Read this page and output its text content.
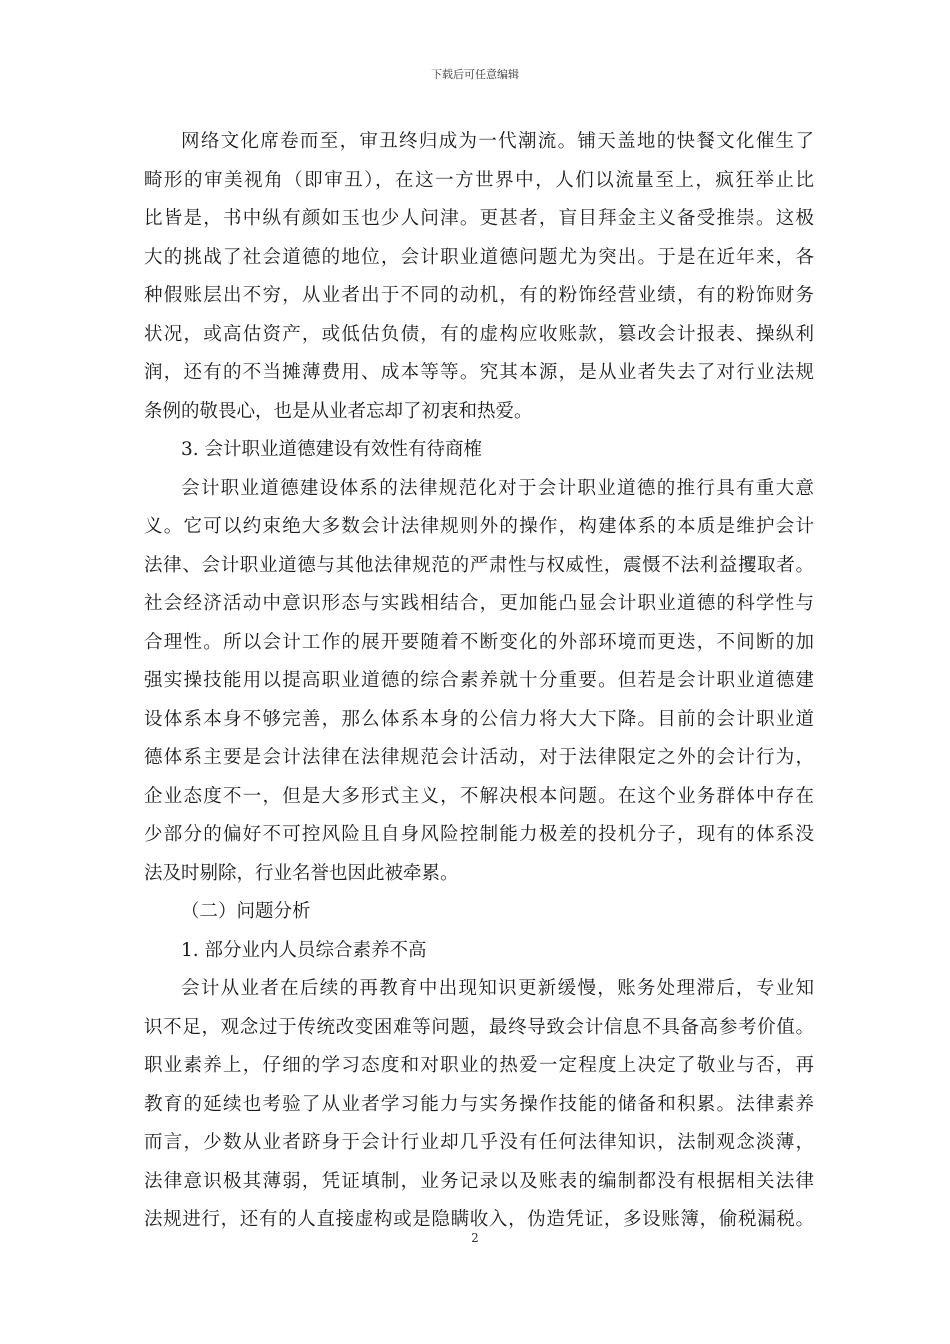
下载后可任意编辑
网络文化席卷而至，审丑终归成为一代潮流。铺天盖地的快餐文化催生了
畸形的审美视角（即审丑），在这一方世界中，人们以流量至上，疯狂举止比
比皆是，书中纵有颜如玉也少人问津。更甚者，盲目拜金主义备受推崇。这极
大的挑战了社会道德的地位，会计职业道德问题尤为突出。于是在近年来，各
种假账层出不穷，从业者出于不同的动机，有的粉饰经营业绩，有的粉饰财务
状况，或高估资产，或低估负债，有的虚构应收账款，篡改会计报表、操纵利
润，还有的不当摊薄费用、成本等等。究其本源，是从业者失去了对行业法规
条例的敬畏心，也是从业者忘却了初衷和热爱。
3. 会计职业道德建设有效性有待商榷
会计职业道德建设体系的法律规范化对于会计职业道德的推行具有重大意
义。它可以约束绝大多数会计法律规则外的操作，构建体系的本质是维护会计
法律、会计职业道德与其他法律规范的严肃性与权威性，震慑不法利益攫取者。
社会经济活动中意识形态与实践相结合，更加能凸显会计职业道德的科学性与
合理性。所以会计工作的展开要随着不断变化的外部环境而更迭，不间断的加
强实操技能用以提高职业道德的综合素养就十分重要。但若是会计职业道德建
设体系本身不够完善，那么体系本身的公信力将大大下降。目前的会计职业道
德体系主要是会计法律在法律规范会计活动，对于法律限定之外的会计行为，
企业态度不一，但是大多形式主义，不解决根本问题。在这个业务群体中存在
少部分的偏好不可控风险且自身风险控制能力极差的投机分子，现有的体系没
法及时剔除，行业名誉也因此被牵累。
（二）问题分析
1. 部分业内人员综合素养不高
会计从业者在后续的再教育中出现知识更新缓慢，账务处理滞后，专业知
识不足，观念过于传统改变困难等问题，最终导致会计信息不具备高参考价值。
职业素养上，仔细的学习态度和对职业的热爱一定程度上决定了敬业与否，再
教育的延续也考验了从业者学习能力与实务操作技能的储备和积累。法律素养
而言，少数从业者跻身于会计行业却几乎没有任何法律知识，法制观念淡薄，
法律意识极其薄弱，凭证填制，业务记录以及账表的编制都没有根据相关法律
法规进行，还有的人直接虚构或是隐瞒收入，伪造凭证，多设账簿，偷税漏税。
2
